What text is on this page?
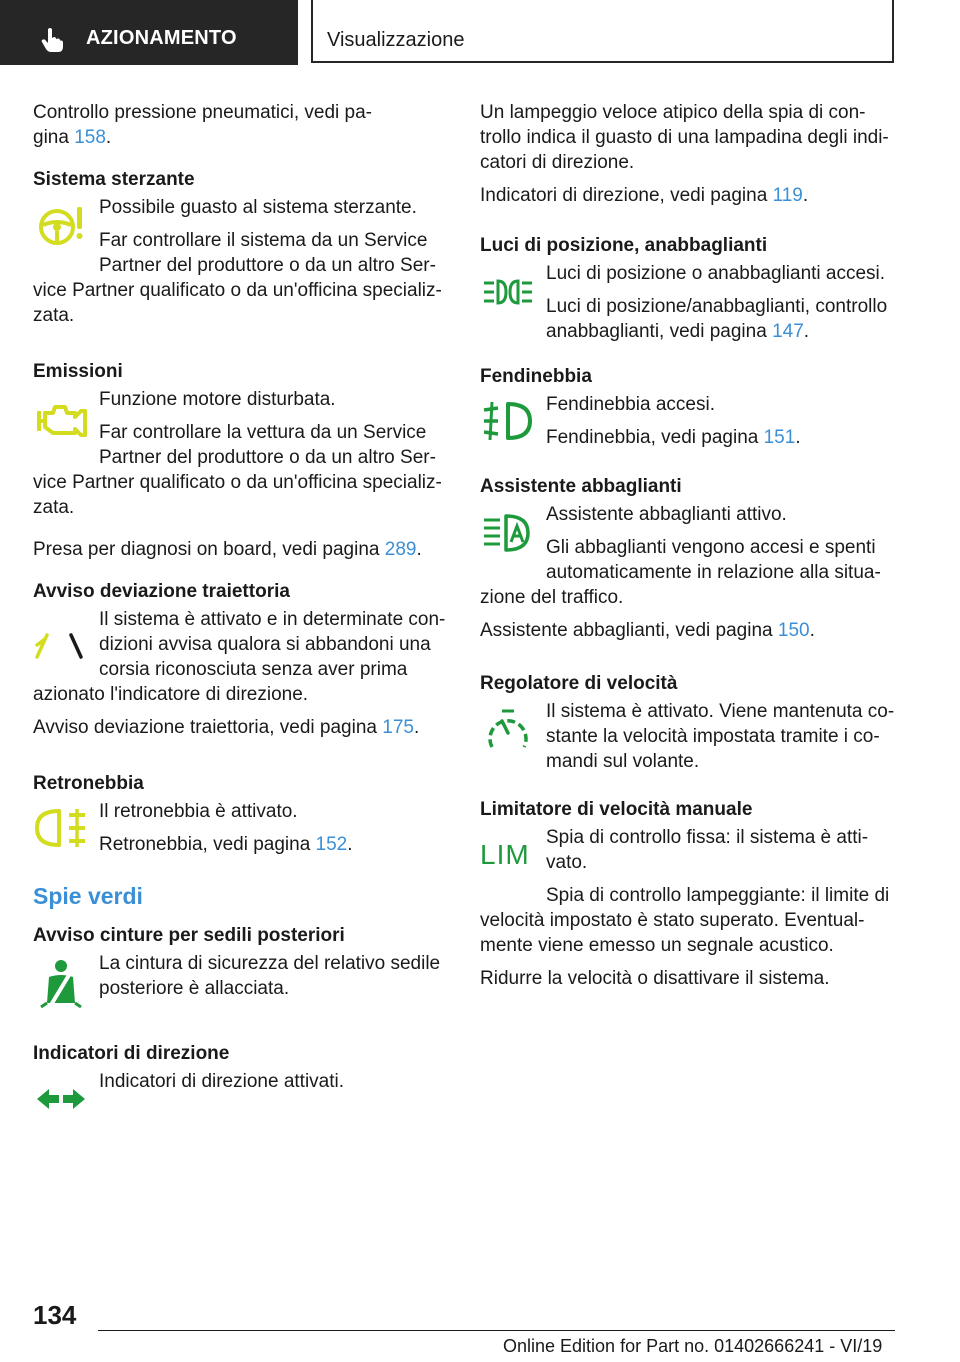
AZIONAMENTO	Visualizzazione

Controllo pressione pneumatici, vedi pa-
gina 158.

Sistema sterzante

Possibile guasto al sistema sterzante.

Far controllare il sistema da un Service

Partner del produttore o da un altro Ser-

vice Partner qualificato o da un'officina specializ-

zata.

Emissioni

Funzione motore disturbata.

Far controllare la vettura da un Service

Partner del produttore o da un altro Ser-

vice Partner qualificato o da un'officina specializ-

zata.

Presa per diagnosi on board, vedi pagina 289.

Avviso deviazione traiettoria

Il sistema è attivato e in determinate con-

dizioni avvisa qualora si abbandoni una

corsia riconosciuta senza aver prima

azionato l'indicatore di direzione.

Avviso deviazione traiettoria, vedi pagina 175.

Retronebbia

Il retronebbia è attivato.

Retronebbia, vedi pagina 152.

Spie verdi
Avviso cinture per sedili posteriori

La cintura di sicurezza del relativo sedile

posteriore è allacciata.

Indicatori di direzione

Indicatori di direzione attivati.

Un lampeggio veloce atipico della spia di con-

trollo indica il guasto di una lampadina degli indi-

catori di direzione.

Indicatori di direzione, vedi pagina 119.

Luci di posizione, anabbaglianti

Luci di posizione o anabbaglianti accesi.

Luci di posizione/anabbaglianti, controllo

anabbaglianti, vedi pagina 147.

Fendinebbia

Fendinebbia accesi.

Fendinebbia, vedi pagina 151.

Assistente abbaglianti

Assistente abbaglianti attivo.

Gli abbaglianti vengono accesi e spenti

automaticamente in relazione alla situa-

zione del traffico.

Assistente abbaglianti, vedi pagina 150.

Regolatore di velocità

Il sistema è attivato. Viene mantenuta co-

stante la velocità impostata tramite i co-

mandi sul volante.

Limitatore di velocità manuale
LIM

Spia di controllo fissa: il sistema è atti-

vato.

Spia di controllo lampeggiante: il limite di

velocità impostato è stato superato. Eventual-

mente viene emesso un segnale acustico.

Ridurre la velocità o disattivare il sistema.

134
Online Edition for Part no. 01402666241 - VI/19
